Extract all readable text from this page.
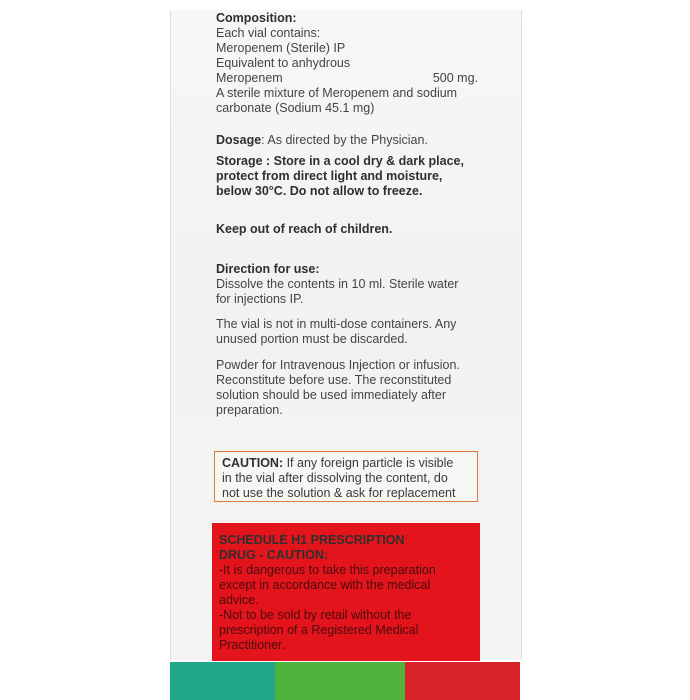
Composition:
Each vial contains:
Meropenem (Sterile) IP
Equivalent to anhydrous
Meropenem	500 mg.
A sterile mixture of Meropenem and sodium
carbonate (Sodium 45.1 mg)
Dosage: As directed by the Physician.
Storage : Store in a cool dry & dark place,
protect from direct light and moisture,
below 30°C. Do not allow to freeze.
Keep out of reach of children.
Direction for use:
Dissolve the contents in 10 ml. Sterile water
for injections IP.
The vial is not in multi-dose containers. Any
unused portion must be discarded.
Powder for Intravenous Injection or infusion.
Reconstitute before use. The reconstituted
solution should be used immediately after
preparation.
CAUTION: If any foreign particle is visible
in the vial after dissolving the content, do
not use the solution & ask for replacement
SCHEDULE H1 PRESCRIPTION
DRUG - CAUTION:
-It is dangerous to take this preparation
except in accordance with the medical
advice.
-Not to be sold by retail without the
prescription of a Registered Medical
Practitioner.
